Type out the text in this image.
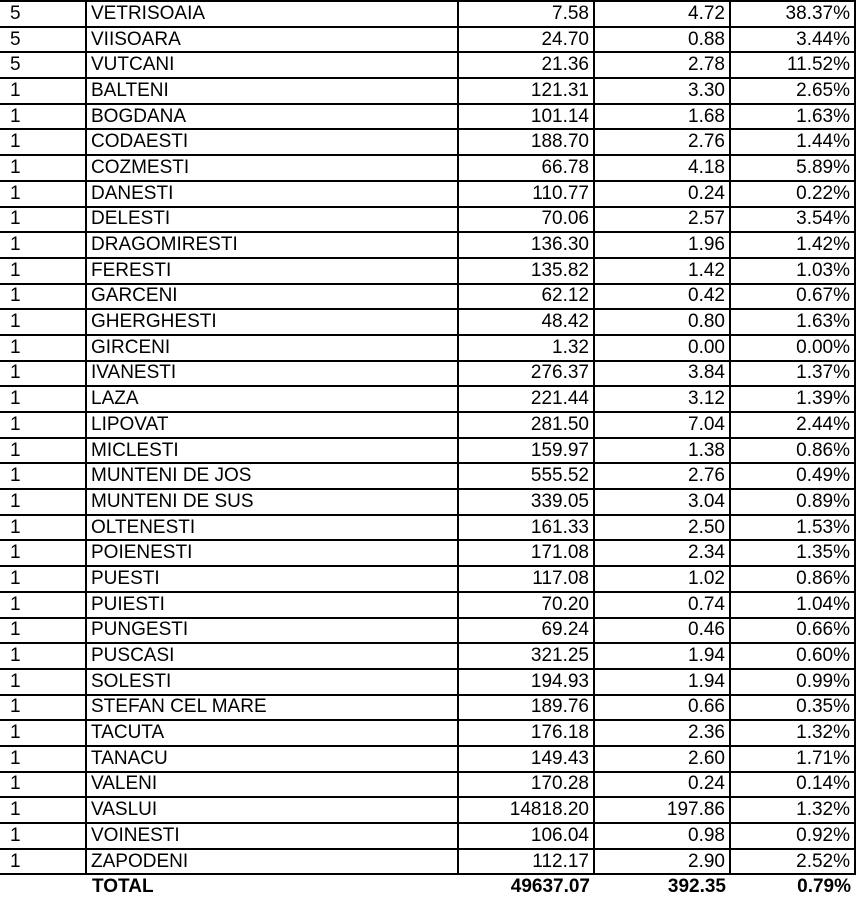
5	VETRISOAIA	7.58	4.72	38.37%
5	VIISOARA	24.70	0.88	3.44%
5	VUTCANI	21.36	2.78	11.52%
1	BALTENI	121.31	3.30	2.65%
1	BOGDANA	101.14	1.68	1.63%
1	CODAESTI	188.70	2.76	1.44%
1	COZMESTI	66.78	4.18	5.89%
1	DANESTI	110.77	0.24	0.22%
1	DELESTI	70.06	2.57	3.54%
1	DRAGOMIRESTI	136.30	1.96	1.42%
1	FERESTI	135.82	1.42	1.03%
1	GARCENI	62.12	0.42	0.67%
1	GHERGHESTI	48.42	0.80	1.63%
1	GIRCENI	1.32	0.00	0.00%
1	IVANESTI	276.37	3.84	1.37%
1	LAZA	221.44	3.12	1.39%
1	LIPOVAT	281.50	7.04	2.44%
1	MICLESTI	159.97	1.38	0.86%
1	MUNTENI DE JOS	555.52	2.76	0.49%
1	MUNTENI DE SUS	339.05	3.04	0.89%
1	OLTENESTI	161.33	2.50	1.53%
1	POIENESTI	171.08	2.34	1.35%
1	PUESTI	117.08	1.02	0.86%
1	PUIESTI	70.20	0.74	1.04%
1	PUNGESTI	69.24	0.46	0.66%
1	PUSCASI	321.25	1.94	0.60%
1	SOLESTI	194.93	1.94	0.99%
1	STEFAN CEL MARE	189.76	0.66	0.35%
1	TACUTA	176.18	2.36	1.32%
1	TANACU	149.43	2.60	1.71%
1	VALENI	170.28	0.24	0.14%
1	VASLUI	14818.20	197.86	1.32%
1	VOINESTI	106.04	0.98	0.92%
1	ZAPODENI	112.17	2.90	2.52%
	TOTAL	49637.07	392.35	0.79%
